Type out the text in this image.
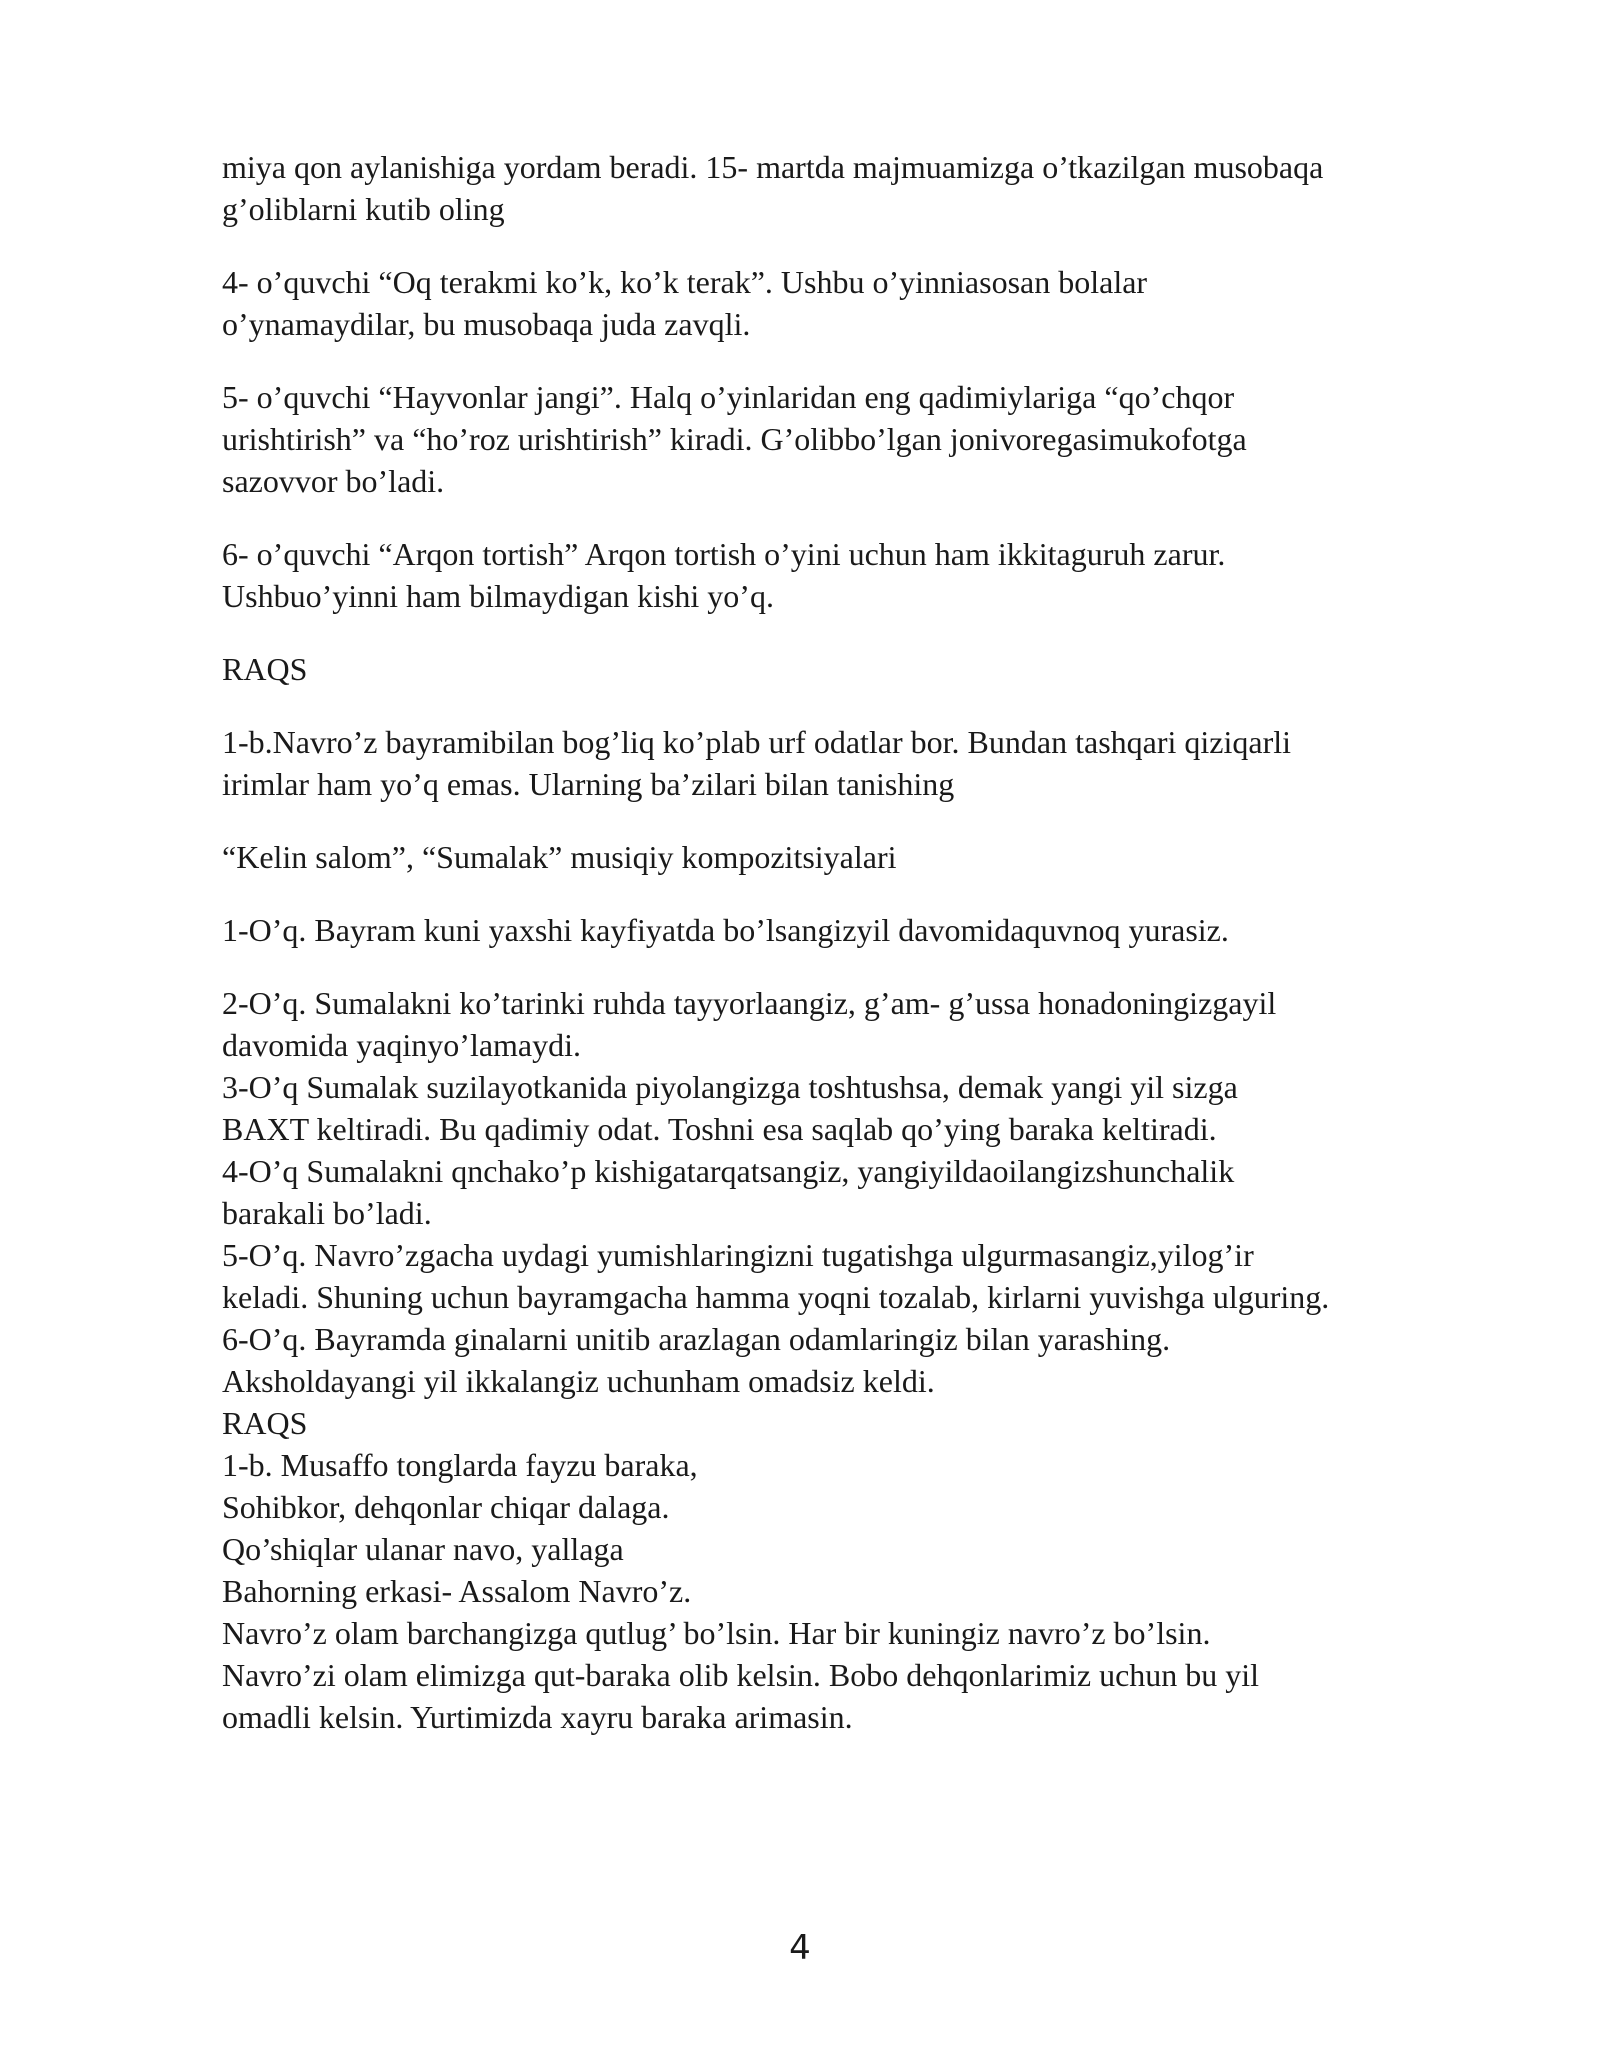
miya qon aylanishiga yordam beradi. 15- martda majmuamizga o’tkazilgan musobaqa
g’oliblarni kutib oling

4- o’quvchi “Oq terakmi ko’k, ko’k terak”. Ushbu o’yinniasosan bolalar
o’ynamaydilar, bu musobaqa juda zavqli.

5- o’quvchi “Hayvonlar jangi”. Halq o’yinlaridan eng qadimiylariga “qo’chqor
urishtirish” va “ho’roz urishtirish” kiradi. G’olibbo’lgan jonivoregasimukofotga
sazovvor bo’ladi.

6- o’quvchi “Arqon tortish” Arqon tortish o’yini uchun ham ikkitaguruh zarur.
Ushbuo’yinni ham bilmaydigan kishi yo’q.

RAQS

1-b.Navro’z bayramibilan bog’liq ko’plab urf odatlar bor. Bundan tashqari qiziqarli
irimlar ham yo’q emas. Ularning ba’zilari bilan tanishing

“Kelin salom”, “Sumalak” musiqiy kompozitsiyalari

1-O’q. Bayram kuni yaxshi kayfiyatda bo’lsangizyil davomidaquvnoq yurasiz.

2-O’q. Sumalakni ko’tarinki ruhda tayyorlaangiz, g’am- g’ussa honadoningizgayil
davomida yaqinyo’lamaydi.
3-O’q Sumalak suzilayotkanida piyolangizga toshtushsa, demak yangi yil sizga
BAXT keltiradi. Bu qadimiy odat. Toshni esa saqlab qo’ying baraka keltiradi.
4-O’q Sumalakni qnchako’p kishigatarqatsangiz, yangiyildaoilangizshunchalik
barakali bo’ladi.
5-O’q. Navro’zgacha uydagi yumishlaringizni tugatishga ulgurmasangiz,yilog’ir
keladi. Shuning uchun bayramgacha hamma yoqni tozalab, kirlarni yuvishga ulguring.
6-O’q. Bayramda ginalarni unitib arazlagan odamlaringiz bilan yarashing.
Aksholdayangi yil ikkalangiz uchunham omadsiz keldi.
RAQS
1-b. Musaffo tonglarda fayzu baraka,
Sohibkor, dehqonlar chiqar dalaga.
Qo’shiqlar ulanar navo, yallaga
Bahorning erkasi- Assalom Navro’z.
Navro’z olam barchangizga qutlug’ bo’lsin. Har bir kuningiz navro’z bo’lsin.
Navro’zi olam elimizga qut-baraka olib kelsin. Bobo dehqonlarimiz uchun bu yil
omadli kelsin. Yurtimizda xayru baraka arimasin.
4
